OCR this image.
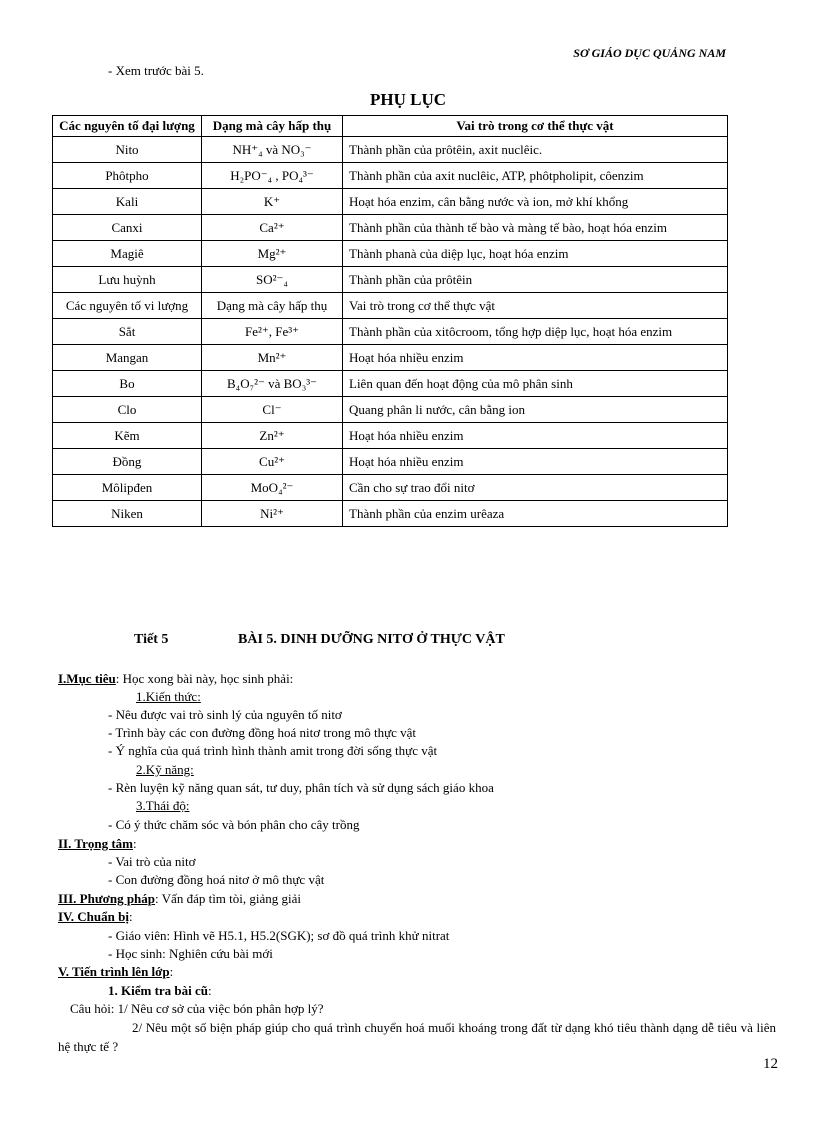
SƠ GIÁO DỤC QUẢNG NAM
- Xem trước bài 5.
PHỤ LỤC
Các nguyên tố đại lượng	Dạng mà cây hấp thụ	Vai trò trong cơ thể thực vật
Nito	NH⁺₄ và NO₃⁻	Thành phần của prôtêin, axit nuclêic.
Phôtpho	H₂PO⁻₄ , PO₄³⁻	Thành phần của axit nuclêic, ATP, phôtpholipit, côenzim
Kali	K⁺	Hoạt hóa enzim, cân bằng nước và ion, mở khí khổng
Canxi	Ca²⁺	Thành phần của thành tế bào và màng tế bào, hoạt hóa enzim
Magiê	Mg²⁺	Thành phanà của diệp lục, hoạt hóa enzim
Lưu huỳnh	SO²⁻₄	Thành phần của prôtêin
Các nguyên tố vi lượng	Dạng mà cây hấp thụ	Vai trò trong cơ thể thực vật
Sắt	Fe²⁺, Fe³⁺	Thành phần của xitôcroom, tổng hợp diệp lục, hoạt hóa enzim
Mangan	Mn²⁺	Hoạt hóa nhiều enzim
Bo	B₄O₇²⁻ và BO₃³⁻	Liên quan đến hoạt động của mô phân sinh
Clo	Cl⁻	Quang phân li nước, cân bằng ion
Kẽm	Zn²⁺	Hoạt hóa nhiều enzim
Đồng	Cu²⁺	Hoạt hóa nhiều enzim
Môlipđen	MoO₄²⁻	Cần cho sự trao đổi nitơ
Niken	Ni²⁺	Thành phần của enzim urêaza
Tiết 5	BÀI 5. DINH DƯỠNG NITƠ Ở THỰC VẬT
I.Mục tiêu: Học xong bài này, học sinh phải:
1.Kiến thức:
- Nêu được vai trò sinh lý của nguyên tố nitơ
- Trình bày các con đường đồng hoá nitơ trong mô thực vật
- Ý nghĩa của quá trình hình thành amit trong đời sống thực vật
2.Kỹ năng:
- Rèn luyện kỹ năng quan sát, tư duy, phân tích và sử dụng sách giáo khoa
3.Thái độ:
- Có ý thức chăm sóc và bón phân cho cây trồng
II. Trọng tâm:
- Vai trò của nitơ
- Con đường đồng hoá nitơ ở mô thực vật
III. Phương pháp: Vấn đáp tìm tòi, giảng giải
IV. Chuẩn bị:
- Giáo viên: Hình vẽ H5.1, H5.2(SGK); sơ đồ quá trình khử nitrat
- Học sinh: Nghiên cứu bài mới
V. Tiến trình lên lớp:
1. Kiểm tra bài cũ:
Câu hỏi: 1/ Nêu cơ sở của việc bón phân hợp lý?
2/ Nêu một số biện pháp giúp cho quá trình chuyển hoá muối khoáng trong đất từ dạng khó tiêu thành dạng dễ tiêu và liên hệ thực tế ?
12
